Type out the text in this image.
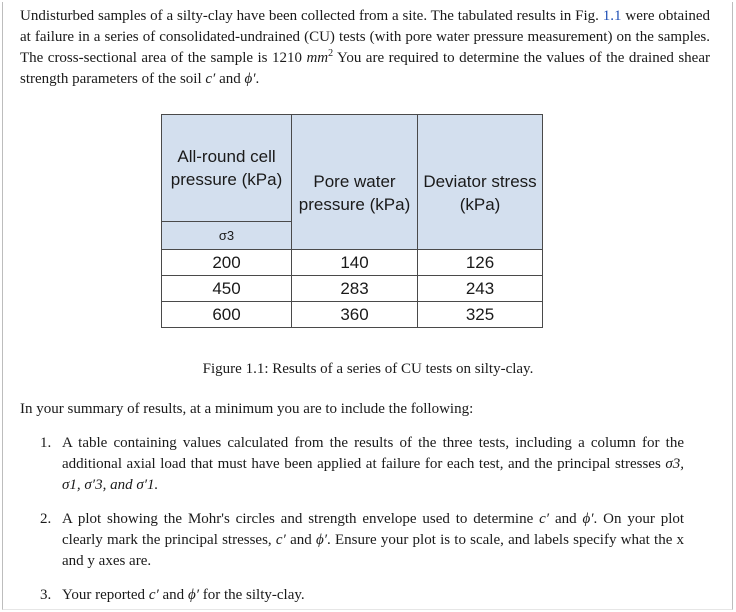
Undisturbed samples of a silty-clay have been collected from a site. The tabulated results in Fig. 1.1 were obtained at failure in a series of consolidated-undrained (CU) tests (with pore water pressure measurement) on the samples. The cross-sectional area of the sample is 1210 $mm^2$ You are required to determine the values of the drained shear strength parameters of the soil c′ and ϕ′.

All-round cell pressure (kPa)	Pore water pressure (kPa)	Deviator stress (kPa)
σ3		
200	140	126
450	283	243
600	360	325
Figure 1.1: Results of a series of CU tests on silty-clay.
In your summary of results, at a minimum you are to include the following:
1. A table containing values calculated from the results of the three tests, including a column for the additional axial load that must have been applied at failure for each test, and the principal stresses σ3, σ1, σ′3, and σ′1.
2. A plot showing the Mohr's circles and strength envelope used to determine c′ and ϕ′. On your plot clearly mark the principal stresses, c′ and ϕ′. Ensure your plot is to scale, and labels specify what the x and y axes are.
3. Your reported c′ and ϕ′ for the silty-clay.
